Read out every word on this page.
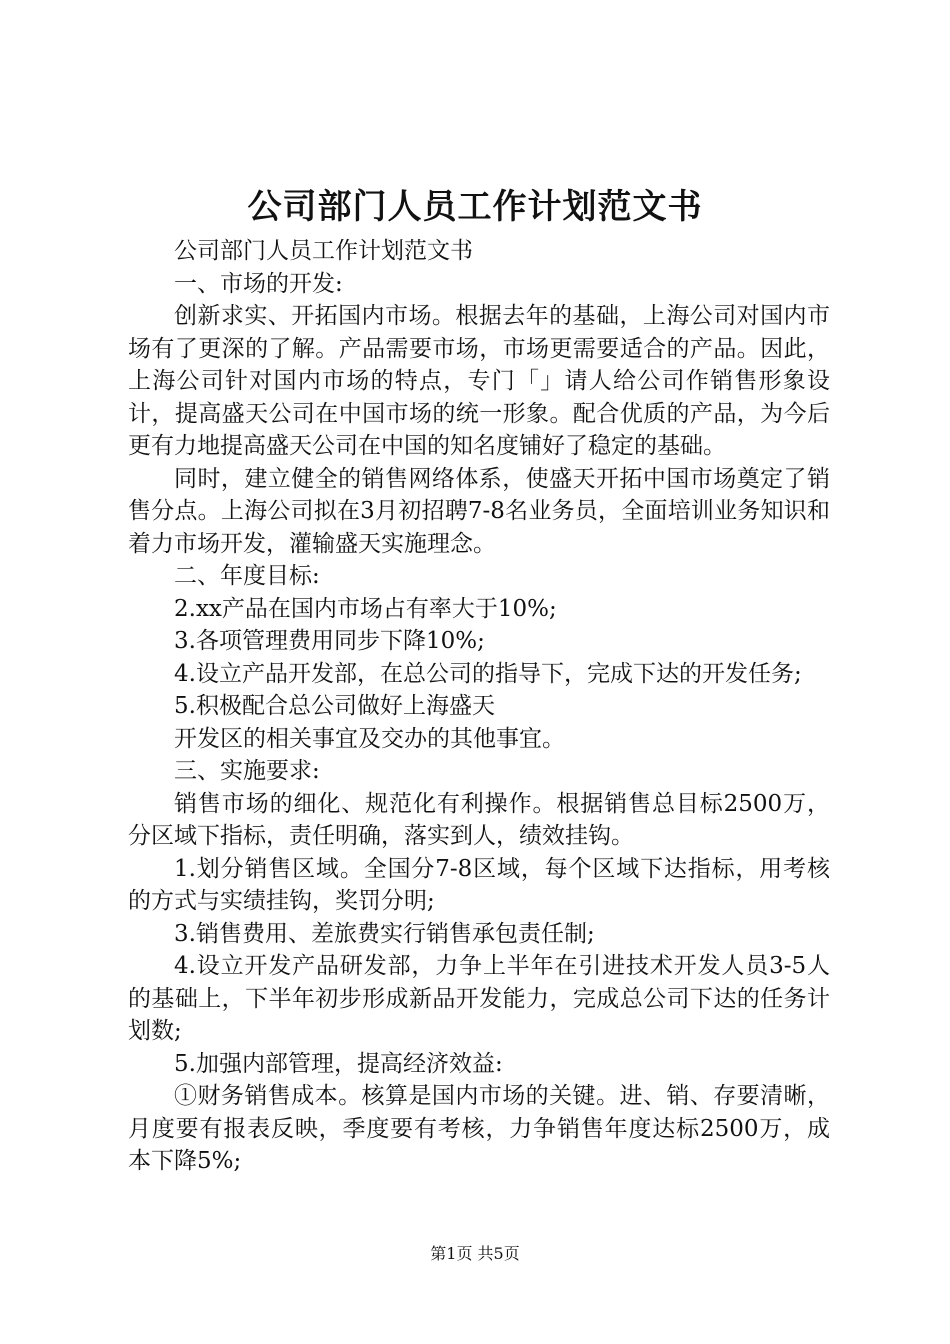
公司部门人员工作计划范文书

公司部门人员工作计划范文书

一、市场的开发:

创新求实、开拓国内市场。根据去年的基础，上海公司对国内市场有了更深的了解。产品需要市场，市场更需要适合的产品。因此，上海公司针对国内市场的特点，专门「」请人给公司作销售形象设计，提高盛天公司在中国市场的统一形象。配合优质的产品，为今后更有力地提高盛天公司在中国的知名度铺好了稳定的基础。

同时，建立健全的销售网络体系，使盛天开拓中国市场奠定了销售分点。上海公司拟在3月初招聘7-8名业务员，全面培训业务知识和着力市场开发，灌输盛天实施理念。

二、年度目标:

2.xx产品在国内市场占有率大于10%;

3.各项管理费用同步下降10%;

4.设立产品开发部，在总公司的指导下，完成下达的开发任务;

5.积极配合总公司做好上海盛天

开发区的相关事宜及交办的其他事宜。

三、实施要求:

销售市场的细化、规范化有利操作。根据销售总目标2500万，分区域下指标，责任明确，落实到人，绩效挂钩。

1.划分销售区域。全国分7-8区域，每个区域下达指标，用考核的方式与实绩挂钩，奖罚分明;

3.销售费用、差旅费实行销售承包责任制;

4.设立开发产品研发部，力争上半年在引进技术开发人员3-5人的基础上，下半年初步形成新品开发能力，完成总公司下达的任务计划数;

5.加强内部管理，提高经济效益:

①财务销售成本。核算是国内市场的关键。进、销、存要清晰，月度要有报表反映，季度要有考核，力争销售年度达标2500万，成本下降5%;

第1页 共5页
